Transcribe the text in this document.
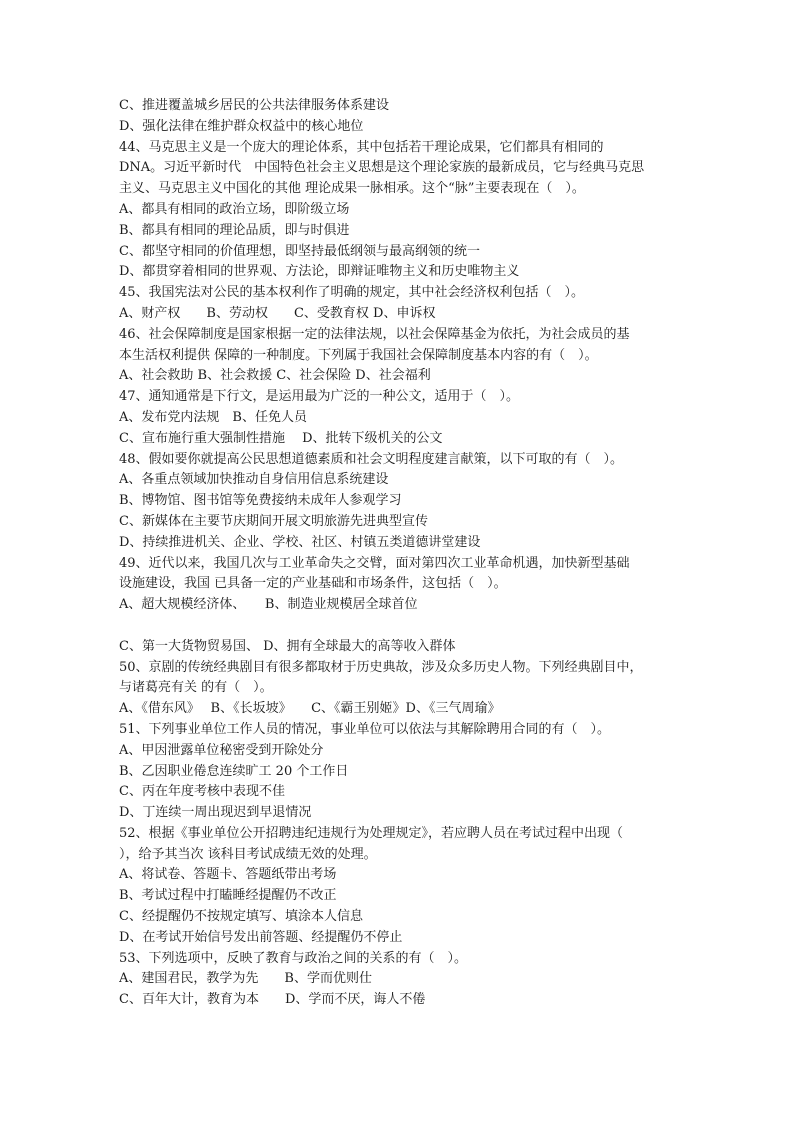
C、推进覆盖城乡居民的公共法律服务体系建设
D、强化法律在维护群众权益中的核心地位
44、马克思主义是一个庞大的理论体系，其中包括若干理论成果，它们都具有相同的
DNA。习近平新时代　中国特色社会主义思想是这个理论家族的最新成员，它与经典马克思
主义、马克思主义中国化的其他 理论成果一脉相承。这个“脉”主要表现在（　）。
A、都具有相同的政治立场，即阶级立场
B、都具有相同的理论品质，即与时俱进
C、都坚守相同的价值理想，即坚持最低纲领与最高纲领的统一
D、都贯穿着相同的世界观、方法论，即辩证唯物主义和历史唯物主义
45、我国宪法对公民的基本权利作了明确的规定，其中社会经济权利包括（　）。
A、财产权　　B、劳动权　　C、受教育权 D、申诉权
46、社会保障制度是国家根据一定的法律法规，以社会保障基金为依托，为社会成员的基
本生活权利提供 保障的一种制度。下列属于我国社会保障制度基本内容的有（　）。
A、社会救助 B、社会救援 C、社会保险 D、社会福利
47、通知通常是下行文，是运用最为广泛的一种公文，适用于（　）。
A、发布党内法规　B、任免人员
C、宣布施行重大强制性措施　 D、批转下级机关的公文
48、假如要你就提高公民思想道德素质和社会文明程度建言献策，以下可取的有（　）。
A、各重点领域加快推动自身信用信息系统建设
B、博物馆、图书馆等免费接纳未成年人参观学习
C、新媒体在主要节庆期间开展文明旅游先进典型宣传
D、持续推进机关、企业、学校、社区、村镇五类道德讲堂建设
49、近代以来，我国几次与工业革命失之交臂，面对第四次工业革命机遇，加快新型基础
设施建设，我国 已具备一定的产业基础和市场条件，这包括（　）。
A、超大规模经济体、　　B、制造业规模居全球首位
C、第一大货物贸易国、 D、拥有全球最大的高等收入群体
50、京剧的传统经典剧目有很多都取材于历史典故，涉及众多历史人物。下列经典剧目中，
与诸葛亮有关 的有（　）。
A、《借东风》　 B、《长坂坡》　　C、《霸王别姬》D、《三气周瑜》
51、下列事业单位工作人员的情况，事业单位可以依法与其解除聘用合同的有（　）。
A、甲因泄露单位秘密受到开除处分
B、乙因职业倦怠连续旷工 20 个工作日
C、丙在年度考核中表现不佳
D、丁连续一周出现迟到早退情况
52、根据《事业单位公开招聘违纪违规行为处理规定》，若应聘人员在考试过程中出现（
），给予其当次 该科目考试成绩无效的处理。
A、将试卷、答题卡、答题纸带出考场
B、考试过程中打瞌睡经提醒仍不改正
C、经提醒仍不按规定填写、填涂本人信息
D、在考试开始信号发出前答题、经提醒仍不停止
53、下列选项中，反映了教育与政治之间的关系的有（　）。
A、建国君民，教学为先　　B、学而优则仕
C、百年大计，教育为本　　D、学而不厌，诲人不倦
